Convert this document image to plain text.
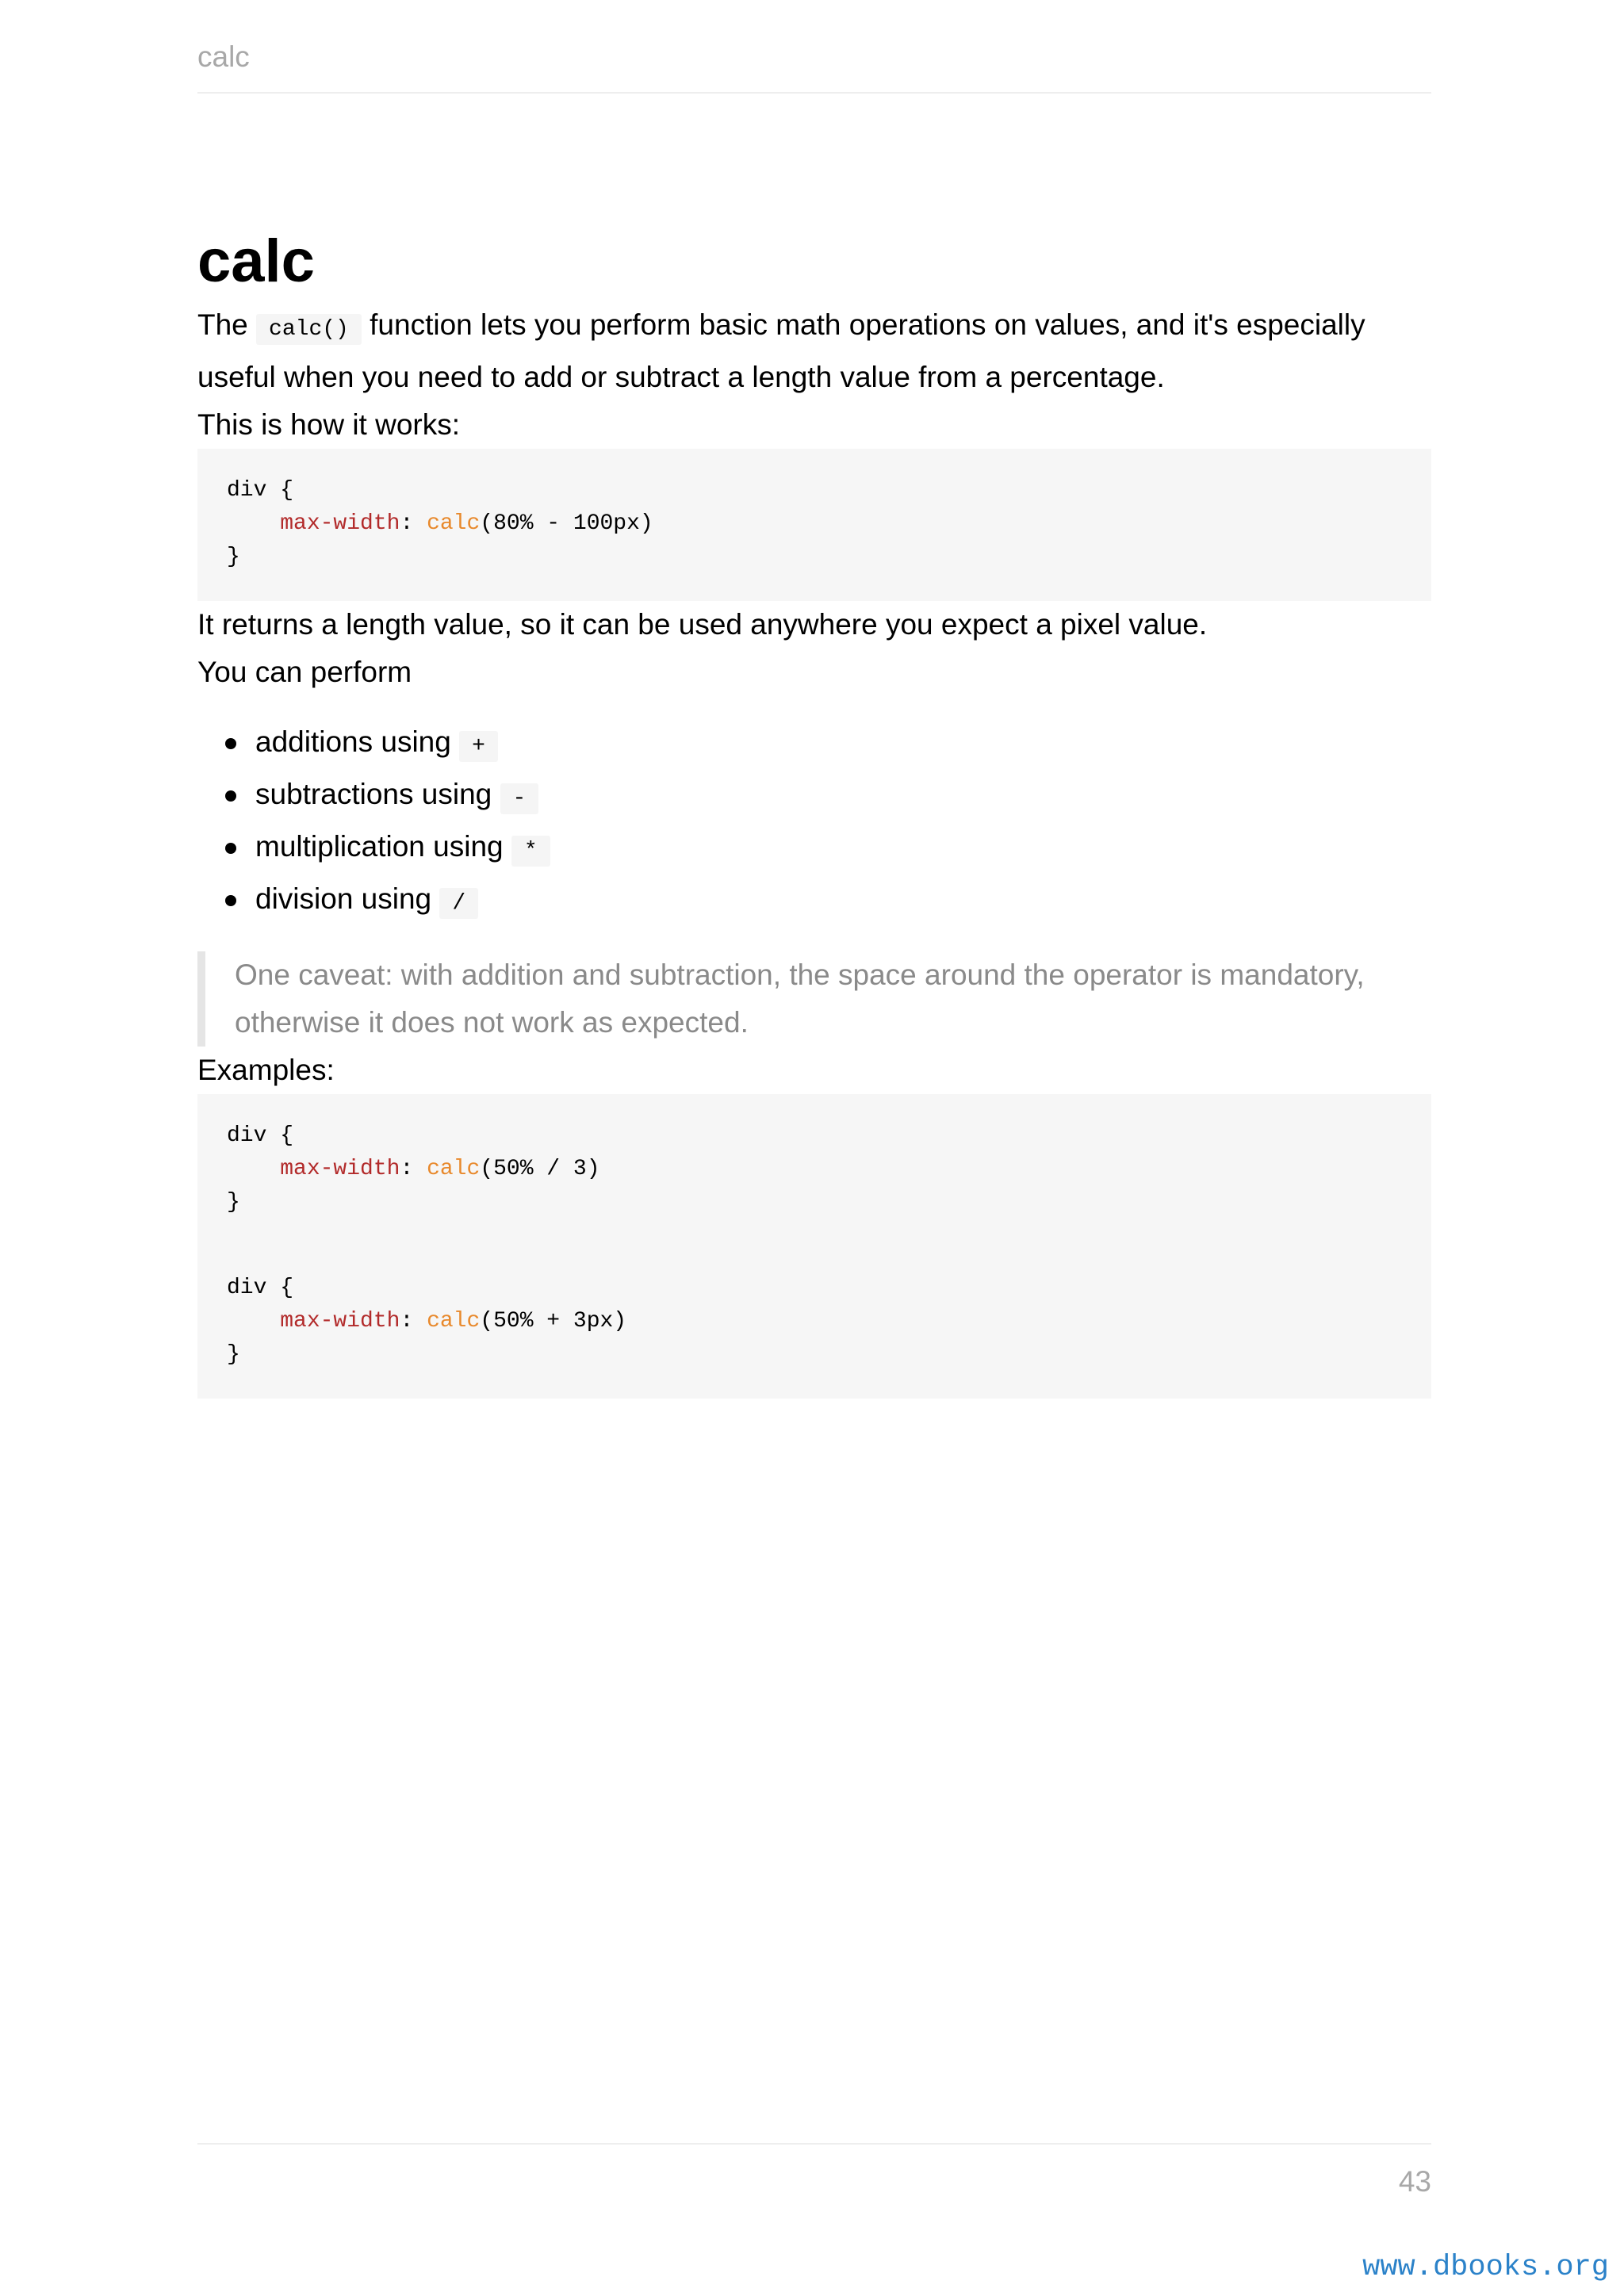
calc
calc

The calc() function lets you perform basic math operations on values, and it's especially useful when you need to add or subtract a length value from a percentage.

This is how it works:

div {
max-width: calc(80% - 100px)
}

It returns a length value, so it can be used anywhere you expect a pixel value.

You can perform

additions using +
subtractions using -
multiplication using *
division using /
One caveat: with addition and subtraction, the space around the operator is mandatory, otherwise it does not work as expected.

Examples:

div {
max-width: calc(50% / 3)
}
div {
max-width: calc(50% + 3px)
}
43
www.dbooks.org
